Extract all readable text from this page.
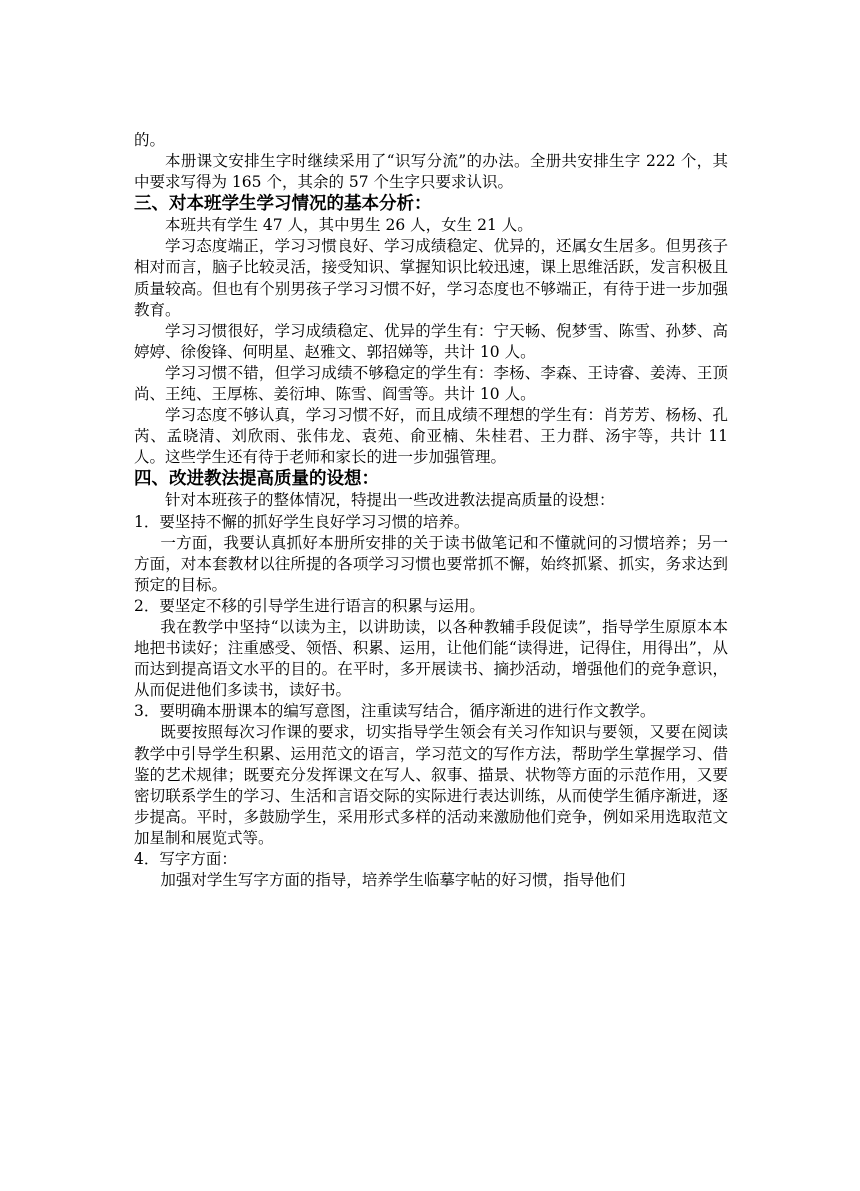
的。

本册课文安排生字时继续采用了“识写分流”的办法。全册共安排生字 222 个，其中要求写得为 165 个，其余的 57 个生字只要求认识。

三、对本班学生学习情况的基本分析：

本班共有学生 47 人，其中男生 26 人，女生 21 人。

学习态度端正，学习习惯良好、学习成绩稳定、优异的，还属女生居多。但男孩子相对而言，脑子比较灵活，接受知识、掌握知识比较迅速，课上思维活跃，发言积极且质量较高。但也有个别男孩子学习习惯不好，学习态度也不够端正，有待于进一步加强教育。

学习习惯很好，学习成绩稳定、优异的学生有：宁天畅、倪梦雪、陈雪、孙梦、高婷婷、徐俊锋、何明星、赵雅文、郭招娣等，共计 10 人。

学习习惯不错，但学习成绩不够稳定的学生有：李杨、李森、王诗睿、姜涛、王顶尚、王纯、王厚栋、姜衍坤、陈雪、阎雪等。共计 10 人。

学习态度不够认真，学习习惯不好，而且成绩不理想的学生有：肖芳芳、杨杨、孔芮、孟晓清、刘欣雨、张伟龙、袁苑、俞亚楠、朱桂君、王力群、汤宇等，共计 11 人。这些学生还有待于老师和家长的进一步加强管理。

四、改进教法提高质量的设想：

针对本班孩子的整体情况，特提出一些改进教法提高质量的设想：

1．要坚持不懈的抓好学生良好学习习惯的培养。

一方面，我要认真抓好本册所安排的关于读书做笔记和不懂就问的习惯培养；另一方面，对本套教材以往所提的各项学习习惯也要常抓不懈，始终抓紧、抓实，务求达到预定的目标。

2．要坚定不移的引导学生进行语言的积累与运用。

我在教学中坚持“以读为主，以讲助读，以各种教辅手段促读”，指导学生原原本本地把书读好；注重感受、领悟、积累、运用，让他们能“读得进，记得住，用得出”，从而达到提高语文水平的目的。在平时，多开展读书、摘抄活动，增强他们的竞争意识，从而促进他们多读书，读好书。

3．要明确本册课本的编写意图，注重读写结合，循序渐进的进行作文教学。

既要按照每次习作课的要求，切实指导学生领会有关习作知识与要领，又要在阅读教学中引导学生积累、运用范文的语言，学习范文的写作方法，帮助学生掌握学习、借鉴的艺术规律；既要充分发挥课文在写人、叙事、描景、状物等方面的示范作用，又要密切联系学生的学习、生活和言语交际的实际进行表达训练，从而使学生循序渐进，逐步提高。平时，多鼓励学生，采用形式多样的活动来激励他们竞争，例如采用选取范文加星制和展览式等。

4．写字方面：

加强对学生写字方面的指导，培养学生临摹字帖的好习惯，指导他们
